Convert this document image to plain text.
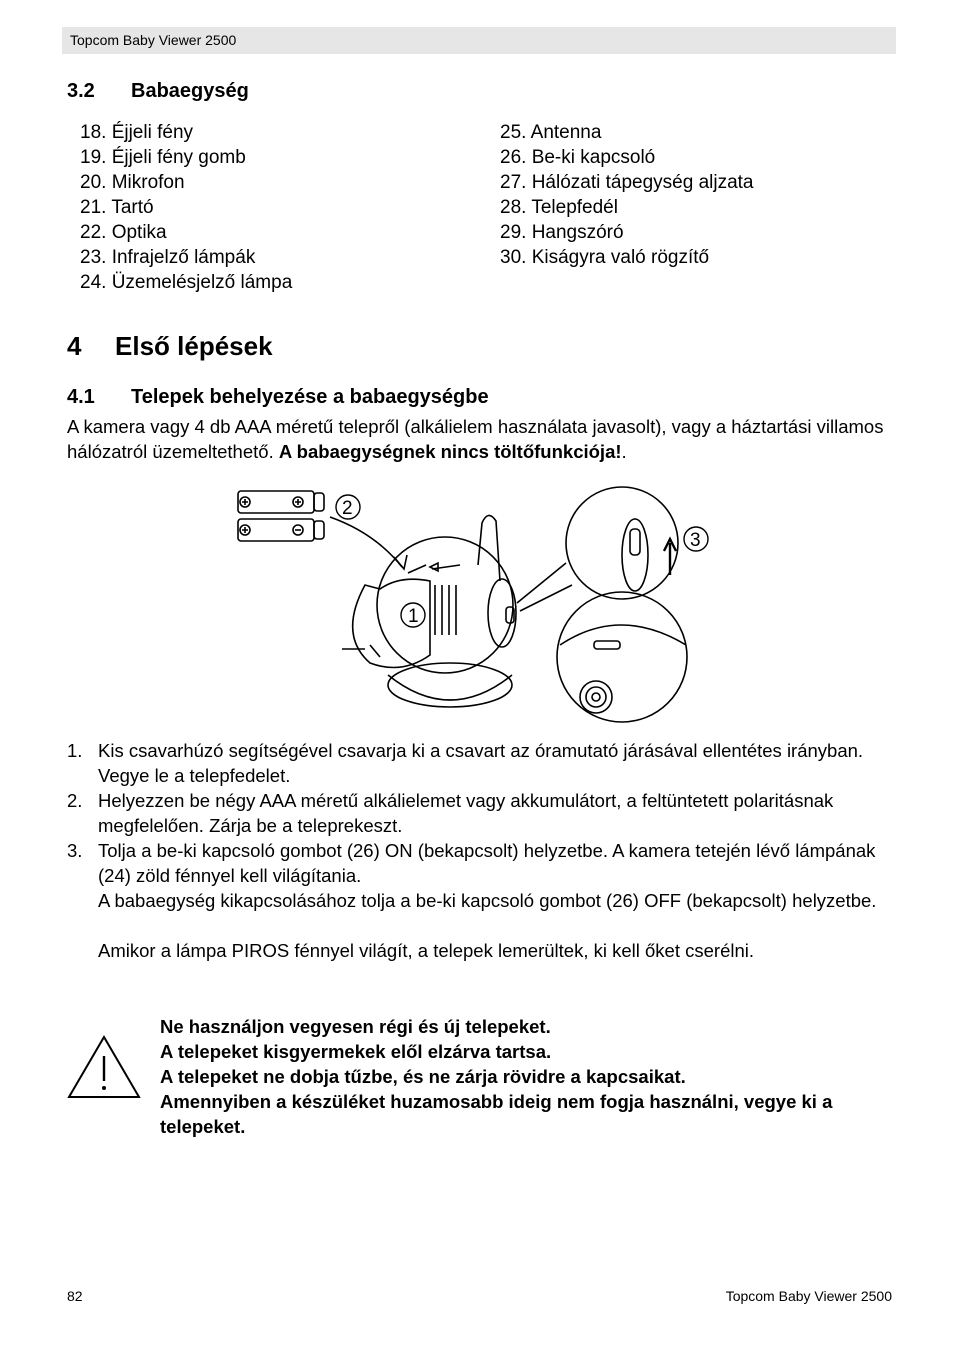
Topcom Baby Viewer 2500
3.2 Babaegység
18. Éjjeli fény
19. Éjjeli fény gomb
20. Mikrofon
21. Tartó
22. Optika
23. Infrajelző lámpák
24. Üzemelésjelző lámpa
25. Antenna
26. Be-ki kapcsoló
27. Hálózati tápegység aljzata
28. Telepfedél
29. Hangszóró
30. Kiságyra való rögzítő
4 Első lépések
4.1 Telepek behelyezése a babaegységbe
A kamera vagy 4 db AAA méretű telepről (alkálielem használata javasolt), vagy a háztartási villamos hálózatról üzemeltethető. A babaegységnek nincs töltőfunkciója!.
1
2
3
1. Kis csavarhúzó segítségével csavarja ki a csavart az óramutató járásával ellentétes irányban. Vegye le a telepfedelet.
2. Helyezzen be négy AAA méretű alkálielemet vagy akkumulátort, a feltüntetett polaritásnak megfelelően. Zárja be a teleprekeszt.
3. Tolja a be-ki kapcsoló gombot (26) ON (bekapcsolt) helyzetbe. A kamera tetején lévő lámpának (24) zöld fénnyel kell világítania.
A babaegység kikapcsolásához tolja a be-ki kapcsoló gombot (26) OFF (bekapcsolt) helyzetbe.
Amikor a lámpa PIROS fénnyel világít, a telepek lemerültek, ki kell őket cserélni.
Ne használjon vegyesen régi és új telepeket.
A telepeket kisgyermekek elől elzárva tartsa.
A telepeket ne dobja tűzbe, és ne zárja rövidre a kapcsaikat.
Amennyiben a készüléket huzamosabb ideig nem fogja használni, vegye ki a telepeket.
82	Topcom Baby Viewer 2500
